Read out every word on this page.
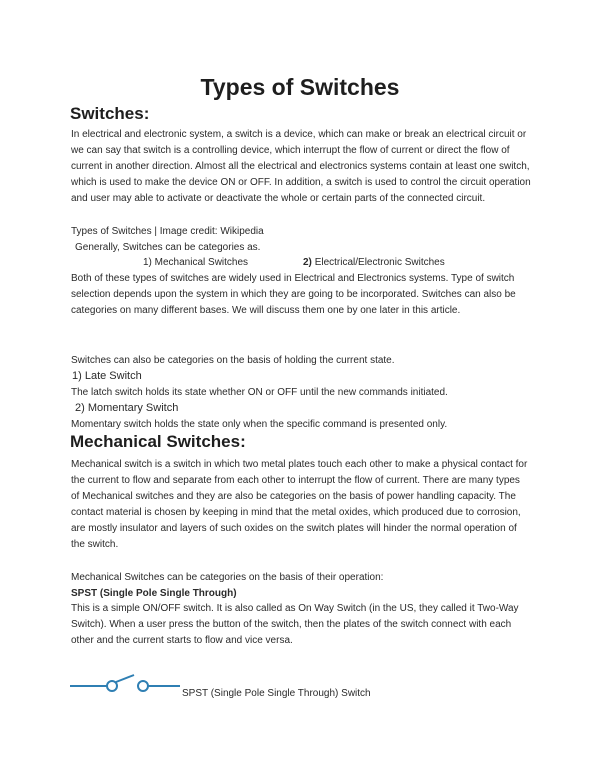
Types of Switches
Switches:

In electrical and electronic system, a switch is a device, which can make or break an electrical circuit or we can say that switch is a controlling device, which interrupt the flow of current or direct the flow of current in another direction. Almost all the electrical and electronics systems contain at least one switch, which is used to make the device ON or OFF. In addition, a switch is used to control the circuit operation and user may able to activate or deactivate the whole or certain parts of the connected circuit.

Types of Switches | Image credit: Wikipedia

Generally, Switches can be categories as.

1) Mechanical Switches	2) Electrical/Electronic Switches

Both of these types of switches are widely used in Electrical and Electronics systems. Type of switch selection depends upon the system in which they are going to be incorporated. Switches can also be categories on many different bases. We will discuss them one by one later in this article.

Switches can also be categories on the basis of holding the current state.

1) Late Switch

The latch switch holds its state whether ON or OFF until the new commands initiated.

2) Momentary Switch

Momentary switch holds the state only when the specific command is presented only.

Mechanical Switches:

Mechanical switch is a switch in which two metal plates touch each other to make a physical contact for the current to flow and separate from each other to interrupt the flow of current. There are many types of Mechanical switches and they are also be categories on the basis of power handling capacity. The contact material is chosen by keeping in mind that the metal oxides, which produced due to corrosion, are mostly insulator and layers of such oxides on the switch plates will hinder the normal operation of the switch.

Mechanical Switches can be categories on the basis of their operation:

SPST (Single Pole Single Through)

This is a simple ON/OFF switch. It is also called as On Way Switch (in the US, they called it Two-Way Switch). When a user press the button of the switch, then the plates of the switch connect with each other and the current starts to flow and vice versa.

SPST (Single Pole Single Through) Switch
